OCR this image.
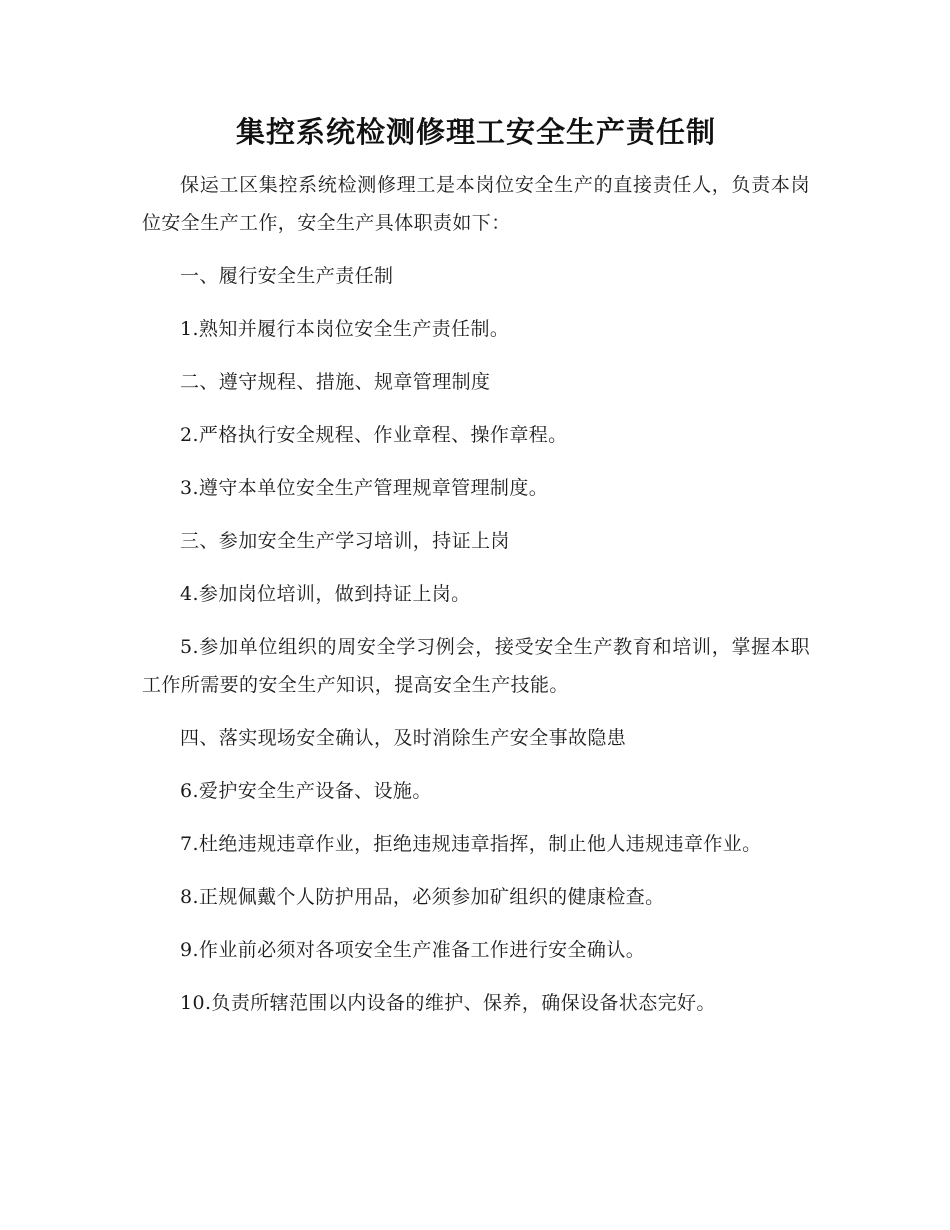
集控系统检测修理工安全生产责任制

保运工区集控系统检测修理工是本岗位安全生产的直接责任人，负责本岗位安全生产工作，安全生产具体职责如下：

一、履行安全生产责任制

1.熟知并履行本岗位安全生产责任制。

二、遵守规程、措施、规章管理制度

2.严格执行安全规程、作业章程、操作章程。

3.遵守本单位安全生产管理规章管理制度。

三、参加安全生产学习培训，持证上岗

4.参加岗位培训，做到持证上岗。

5.参加单位组织的周安全学习例会，接受安全生产教育和培训，掌握本职工作所需要的安全生产知识，提高安全生产技能。

四、落实现场安全确认，及时消除生产安全事故隐患

6.爱护安全生产设备、设施。

7.杜绝违规违章作业，拒绝违规违章指挥，制止他人违规违章作业。

8.正规佩戴个人防护用品，必须参加矿组织的健康检查。

9.作业前必须对各项安全生产准备工作进行安全确认。

10.负责所辖范围以内设备的维护、保养，确保设备状态完好。
